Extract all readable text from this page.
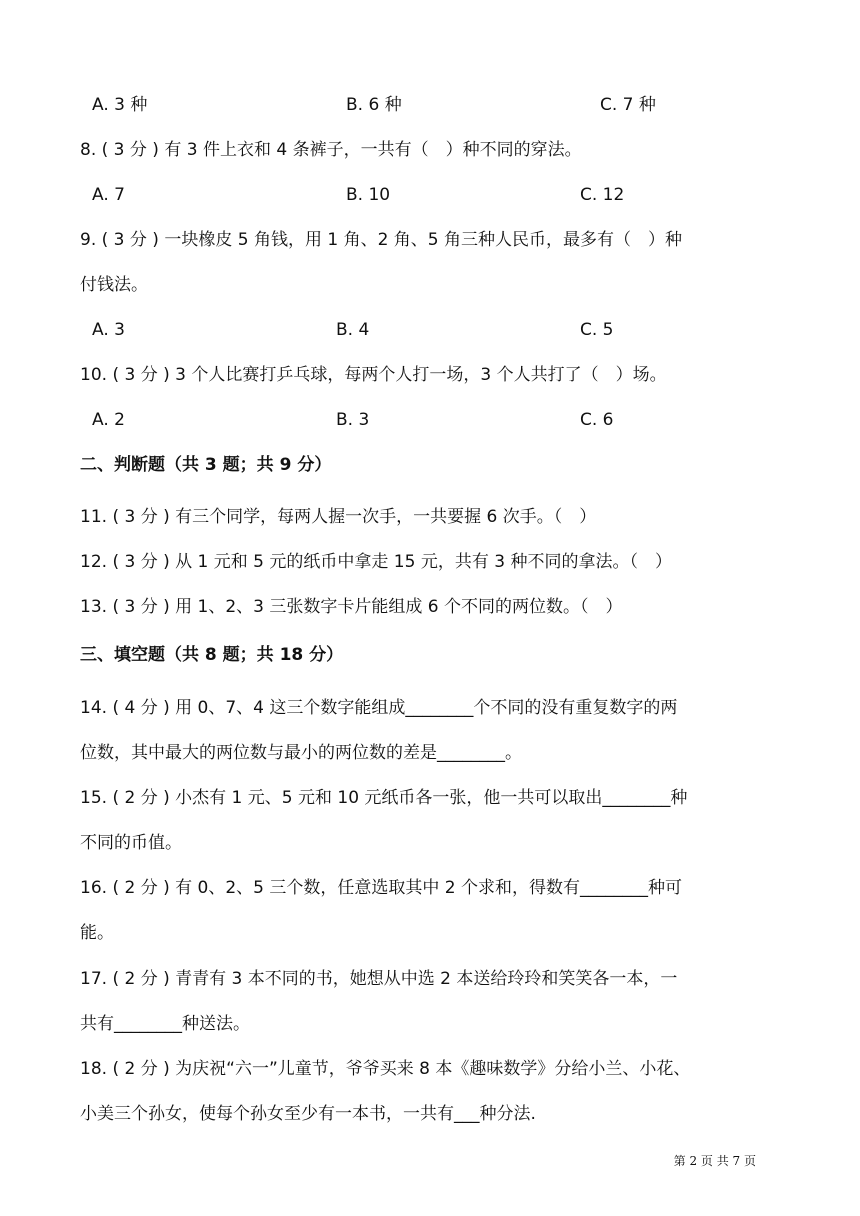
A. 3 种	B. 6 种	C. 7 种
8. ( 3 分 ) 有 3 件上衣和 4 条裤子，一共有（　）种不同的穿法。
A. 7	B. 10	C. 12
9. ( 3 分 ) 一块橡皮 5 角钱，用 1 角、2 角、5 角三种人民币，最多有（　）种
付钱法。
A. 3	B. 4	C. 5
10. ( 3 分 ) 3 个人比赛打乒乓球，每两个人打一场，3 个人共打了（　）场。
A. 2	B. 3	C. 6
二、判断题（共 3 题；共 9 分）
11. ( 3 分 ) 有三个同学，每两人握一次手，一共要握 6 次手。（　）
12. ( 3 分 ) 从 1 元和 5 元的纸币中拿走 15 元，共有 3 种不同的拿法。（　）
13. ( 3 分 ) 用 1、2、3 三张数字卡片能组成 6 个不同的两位数。（　）
三、填空题（共 8 题；共 18 分）
14. ( 4 分 ) 用 0、7、4 这三个数字能组成________个不同的没有重复数字的两
位数，其中最大的两位数与最小的两位数的差是________。
15. ( 2 分 ) 小杰有 1 元、5 元和 10 元纸币各一张，他一共可以取出________种
不同的币值。
16. ( 2 分 ) 有 0、2、5 三个数，任意选取其中 2 个求和，得数有________种可
能。
17. ( 2 分 ) 青青有 3 本不同的书，她想从中选 2 本送给玲玲和笑笑各一本，一
共有________种送法。
18. ( 2 分 ) 为庆祝“六一”儿童节，爷爷买来 8 本《趣味数学》分给小兰、小花、
小美三个孙女，使每个孙女至少有一本书，一共有___种分法.
第 2 页 共 7 页
